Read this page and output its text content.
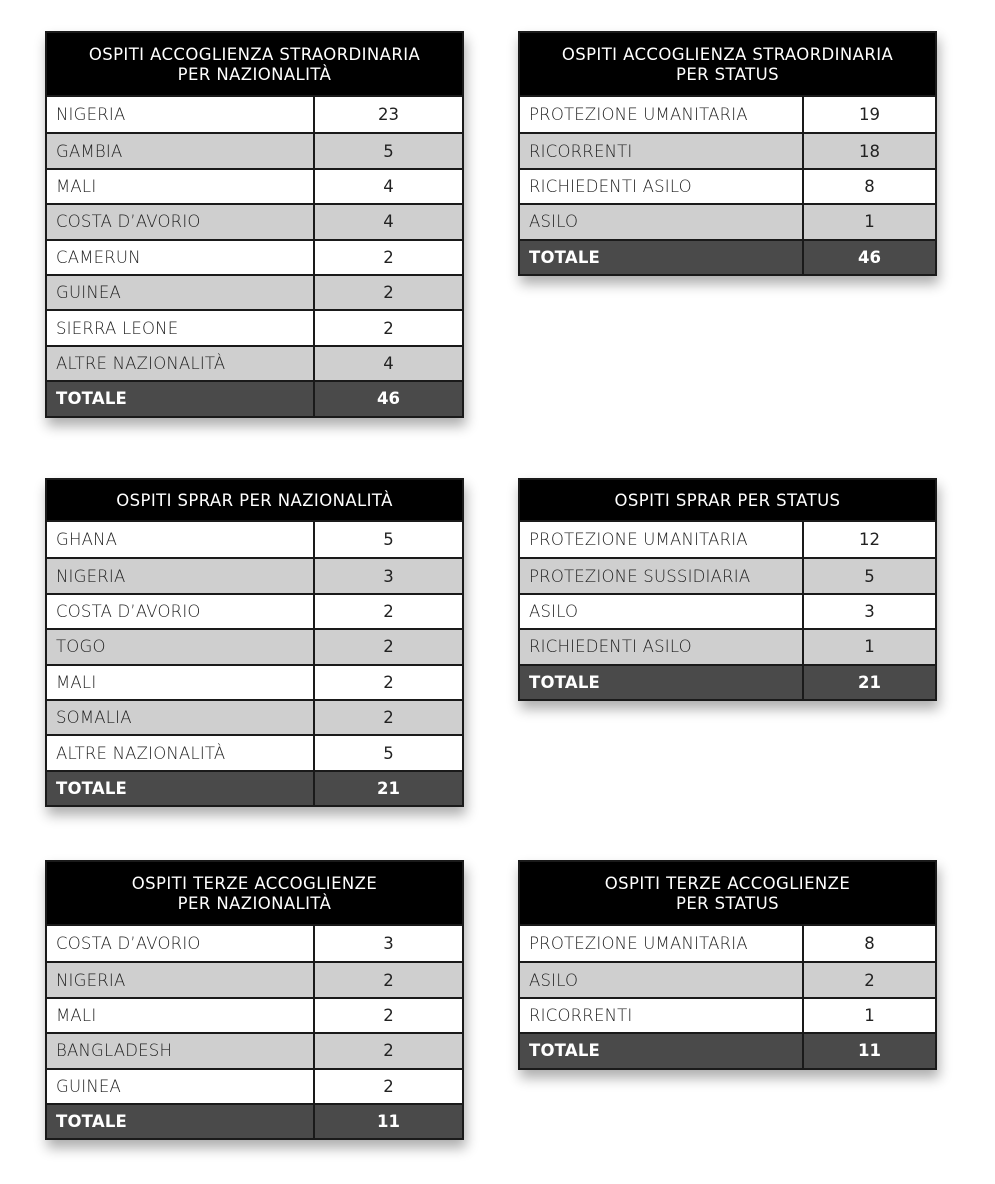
OSPITI ACCOGLIENZA STRAORDINARIA
PER NAZIONALITÀ
NIGERIA	23
GAMBIA	5
MALI	4
COSTA D’AVORIO	4
CAMERUN	2
GUINEA	2
SIERRA LEONE	2
ALTRE NAZIONALITÀ	4
TOTALE	46
OSPITI ACCOGLIENZA STRAORDINARIA
PER STATUS
PROTEZIONE UMANITARIA	19
RICORRENTI	18
RICHIEDENTI ASILO	8
ASILO	1
TOTALE	46
OSPITI SPRAR PER NAZIONALITÀ
GHANA	5
NIGERIA	3
COSTA D’AVORIO	2
TOGO	2
MALI	2
SOMALIA	2
ALTRE NAZIONALITÀ	5
TOTALE	21
OSPITI SPRAR PER STATUS
PROTEZIONE UMANITARIA	12
PROTEZIONE SUSSIDIARIA	5
ASILO	3
RICHIEDENTI ASILO	1
TOTALE	21
OSPITI TERZE ACCOGLIENZE
PER NAZIONALITÀ
COSTA D’AVORIO	3
NIGERIA	2
MALI	2
BANGLADESH	2
GUINEA	2
TOTALE	11
OSPITI TERZE ACCOGLIENZE
PER STATUS
PROTEZIONE UMANITARIA	8
ASILO	2
RICORRENTI	1
TOTALE	11
